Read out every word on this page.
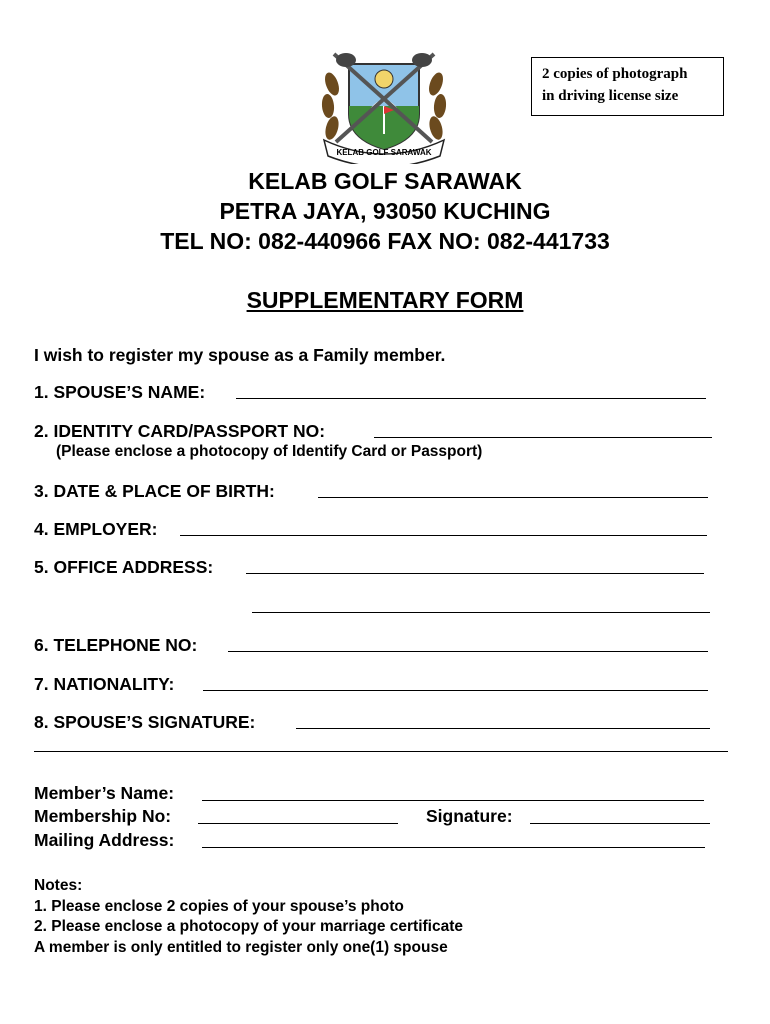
KELAB GOLF SARAWAK
2 copies of photograph
in driving license size
KELAB GOLF SARAWAK
PETRA JAYA, 93050 KUCHING
TEL NO: 082-440966 FAX NO: 082-441733
SUPPLEMENTARY FORM
I wish to register my spouse as a Family member.
1. SPOUSE’S NAME:
2. IDENTITY CARD/PASSPORT NO:
(Please enclose a photocopy of Identify Card or Passport)
3. DATE & PLACE OF BIRTH:
4. EMPLOYER:
5. OFFICE ADDRESS:
6. TELEPHONE NO:
7. NATIONALITY:
8. SPOUSE’S SIGNATURE:
Member’s Name:
Membership No:	Signature:
Mailing Address:
Notes:
1. Please enclose 2 copies of your spouse’s photo
2. Please enclose a photocopy of your marriage certificate
A member is only entitled to register only one(1) spouse
